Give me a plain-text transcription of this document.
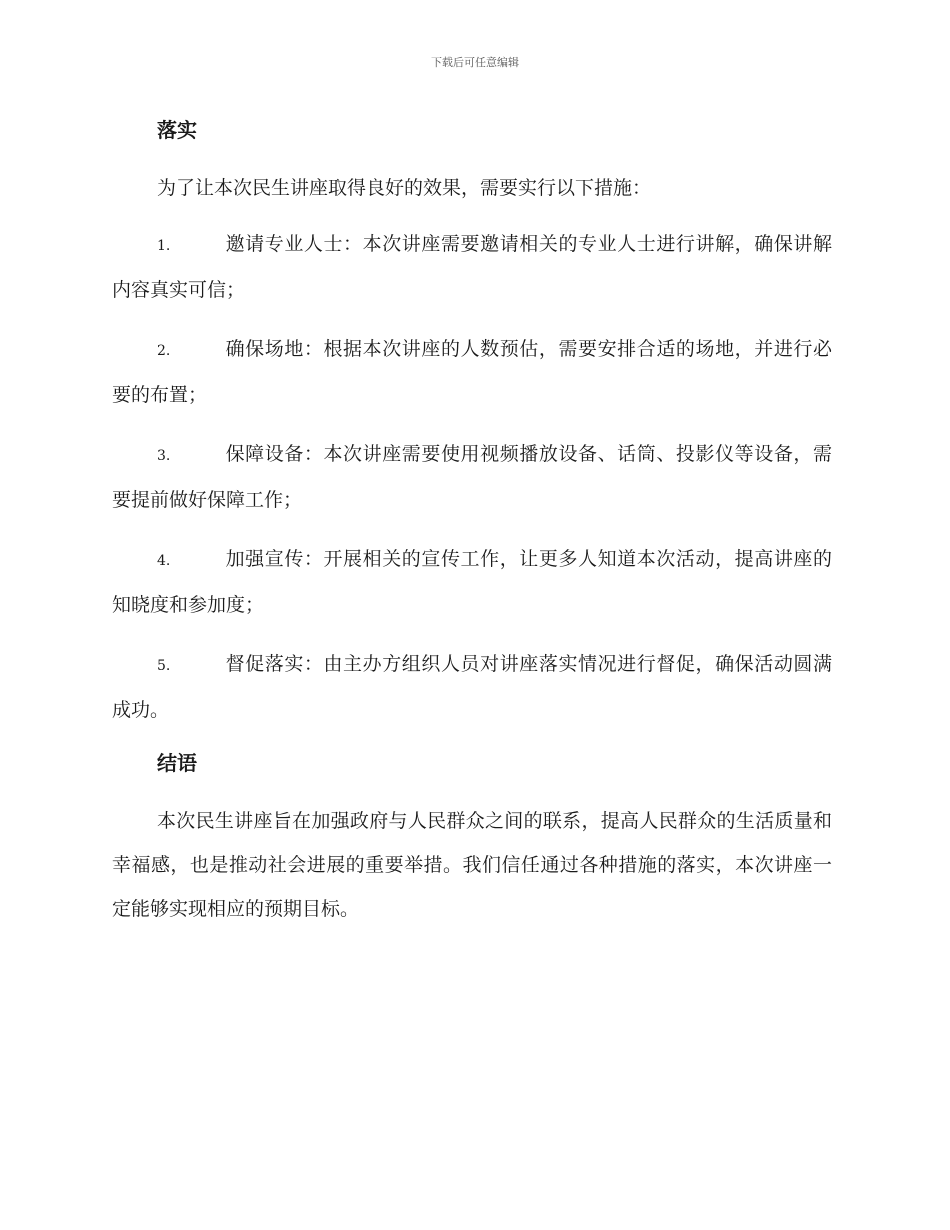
下载后可任意编辑
落实

为了让本次民生讲座取得良好的效果，需要实行以下措施：

1.	邀请专业人士：本次讲座需要邀请相关的专业人士进行讲解，确保讲解内容真实可信；

2.	确保场地：根据本次讲座的人数预估，需要安排合适的场地，并进行必要的布置；

3.	保障设备：本次讲座需要使用视频播放设备、话筒、投影仪等设备，需要提前做好保障工作；

4.	加强宣传：开展相关的宣传工作，让更多人知道本次活动，提高讲座的知晓度和参加度；

5.	督促落实：由主办方组织人员对讲座落实情况进行督促，确保活动圆满成功。

结语

本次民生讲座旨在加强政府与人民群众之间的联系，提高人民群众的生活质量和幸福感，也是推动社会进展的重要举措。我们信任通过各种措施的落实，本次讲座一定能够实现相应的预期目标。
